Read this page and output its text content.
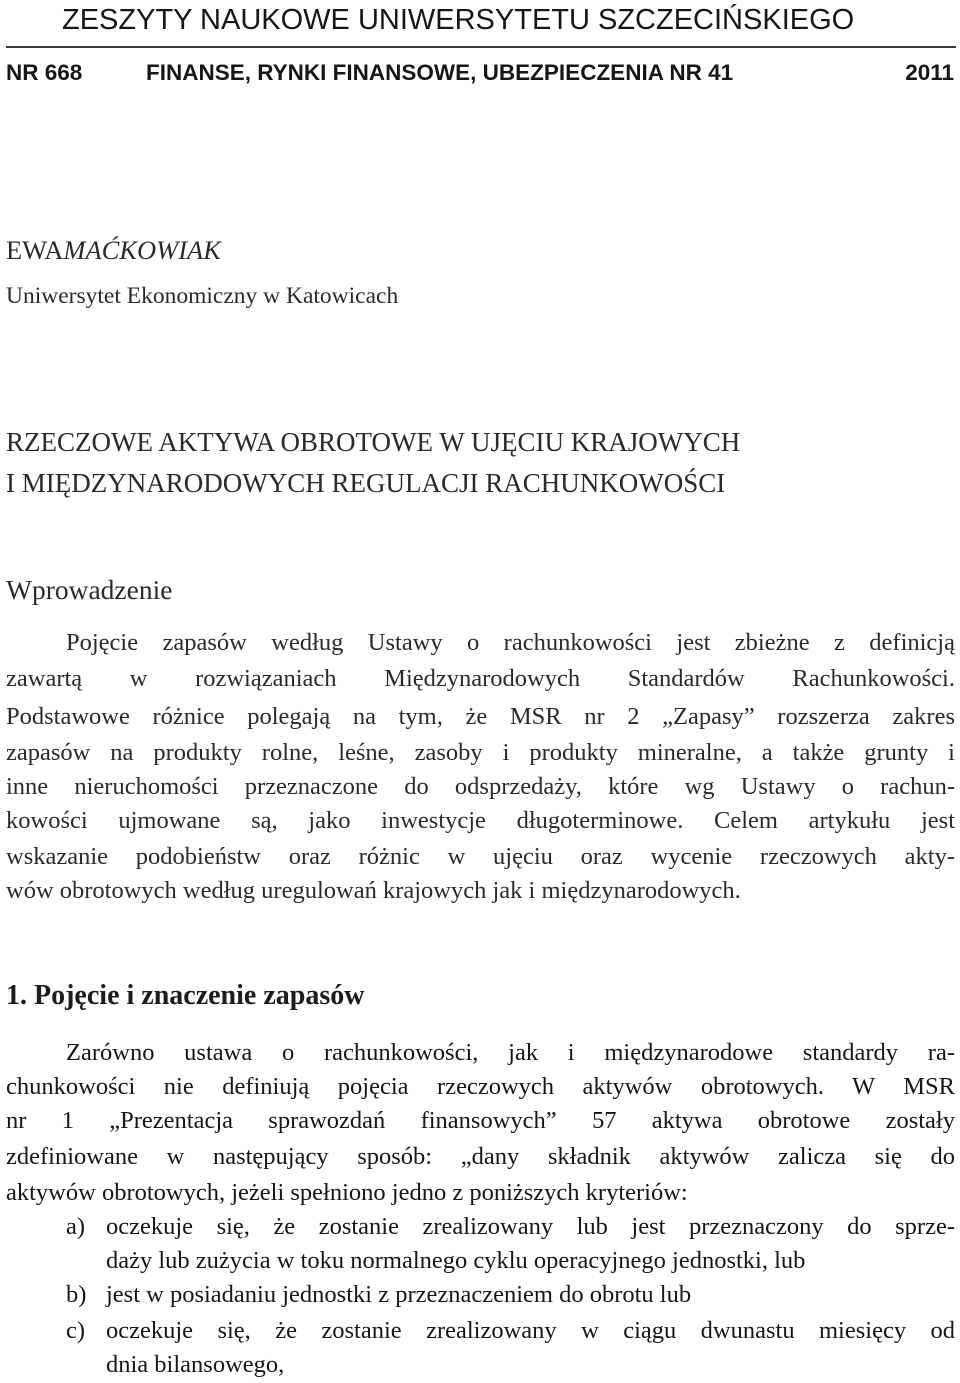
ZESZYTY NAUKOWE UNIWERSYTETU SZCZECIŃSKIEGO

NR 668	FINANSE, RYNKI FINANSOWE, UBEZPIECZENIA NR 41	2011

EWAMAĆKOWIAK

Uniwersytet Ekonomiczny w Katowicach

RZECZOWE AKTYWA OBROTOWE W UJĘCIU KRAJOWYCH

I MIĘDZYNARODOWYCH REGULACJI RACHUNKOWOŚCI

Wprowadzenie

Pojęcie zapasów według Ustawy o rachunkowości jest zbieżne z definicją
zawartą w rozwiązaniach Międzynarodowych Standardów Rachunkowości.
Podstawowe różnice polegają na tym, że MSR nr 2 „Zapasy” rozszerza zakres
zapasów na produkty rolne, leśne, zasoby i produkty mineralne, a także grunty i
inne nieruchomości przeznaczone do odsprzedaży, które wg Ustawy o rachun-
kowości ujmowane są, jako inwestycje długoterminowe. Celem artykułu jest
wskazanie podobieństw oraz różnic w ujęciu oraz wycenie rzeczowych akty-
wów obrotowych według uregulowań krajowych jak i międzynarodowych.

1. Pojęcie i znaczenie zapasów

Zarówno ustawa o rachunkowości, jak i międzynarodowe standardy ra-
chunkowości nie definiują pojęcia rzeczowych aktywów obrotowych. W MSR
nr 1 „Prezentacja sprawozdań finansowych” 57 aktywa obrotowe zostały
zdefiniowane w następujący sposób: „dany składnik aktywów zalicza się do
aktywów obrotowych, jeżeli spełniono jedno z poniższych kryteriów:
a) oczekuje się, że zostanie zrealizowany lub jest przeznaczony do sprze-
daży lub zużycia w toku normalnego cyklu operacyjnego jednostki, lub
b) jest w posiadaniu jednostki z przeznaczeniem do obrotu lub
c) oczekuje się, że zostanie zrealizowany w ciągu dwunastu miesięcy od
dnia bilansowego,
